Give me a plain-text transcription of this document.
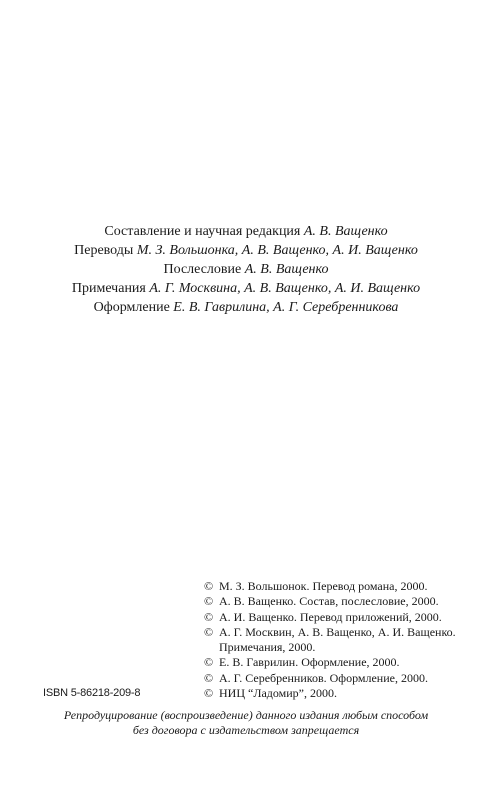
Составление и научная редакция А. В. Ващенко
Переводы М. З. Вольшонка, А. В. Ващенко, А. И. Ващенко
Послесловие А. В. Ващенко
Примечания А. Г. Москвина, А. В. Ващенко, А. И. Ващенко
Оформление Е. В. Гаврилина, А. Г. Серебренникова
© М. З. Вольшонок. Перевод романа, 2000.
© А. В. Ващенко. Состав, послесловие, 2000.
© А. И. Ващенко. Перевод приложений, 2000.
© А. Г. Москвин, А. В. Ващенко, А. И. Ващенко. Примечания, 2000.
© Е. В. Гаврилин. Оформление, 2000.
© А. Г. Серебренников. Оформление, 2000.
© НИЦ “Ладомир”, 2000.
ISBN 5-86218-209-8
Репродуцирование (воспроизведение) данного издания любым способом
без договора с издательством запрещается
